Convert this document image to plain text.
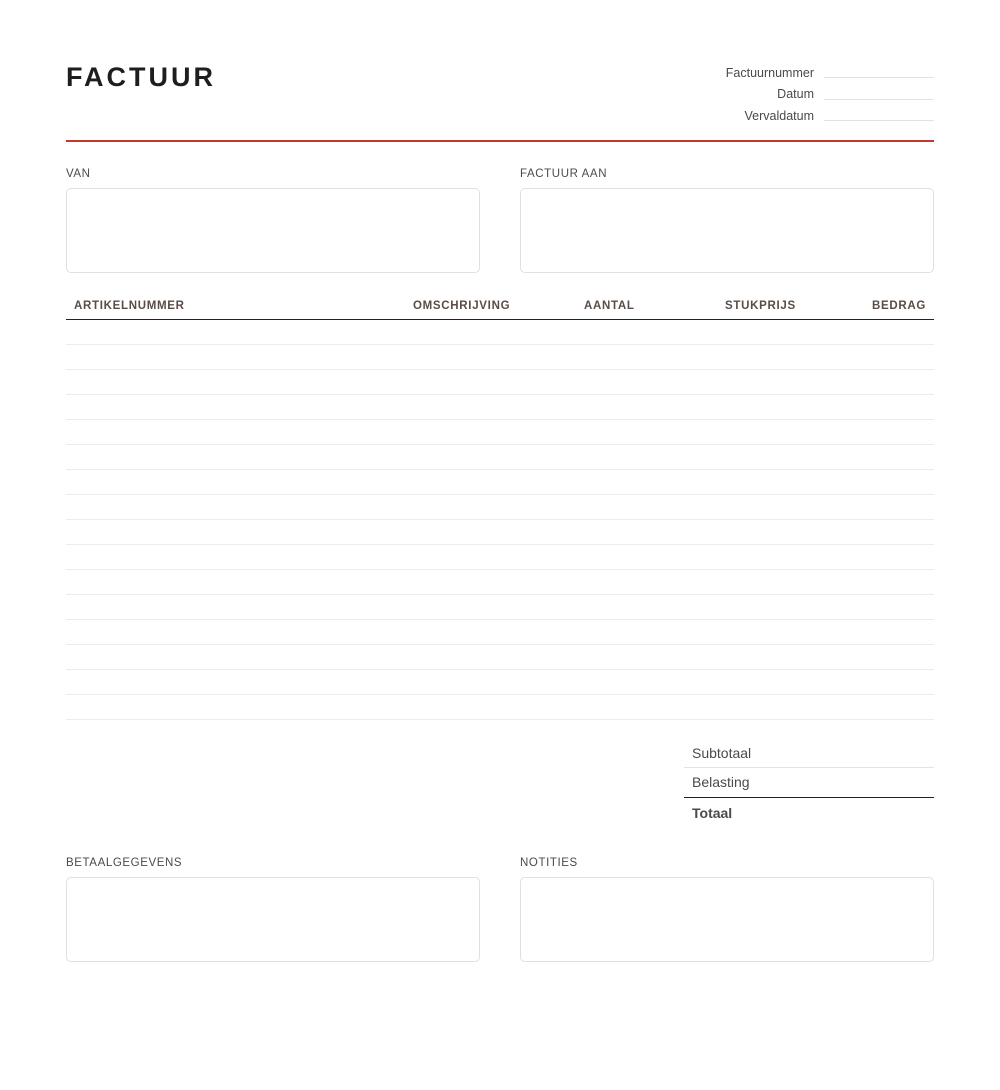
FACTUUR	Factuurnummer
Datum
Vervaldatum
VAN	FACTUUR AAN
ARTIKELNUMMER	OMSCHRIJVING	AANTAL	STUKPRIJS	BEDRAG
Subtotaal
Belasting
Totaal
BETAALGEGEVENS	NOTITIES
